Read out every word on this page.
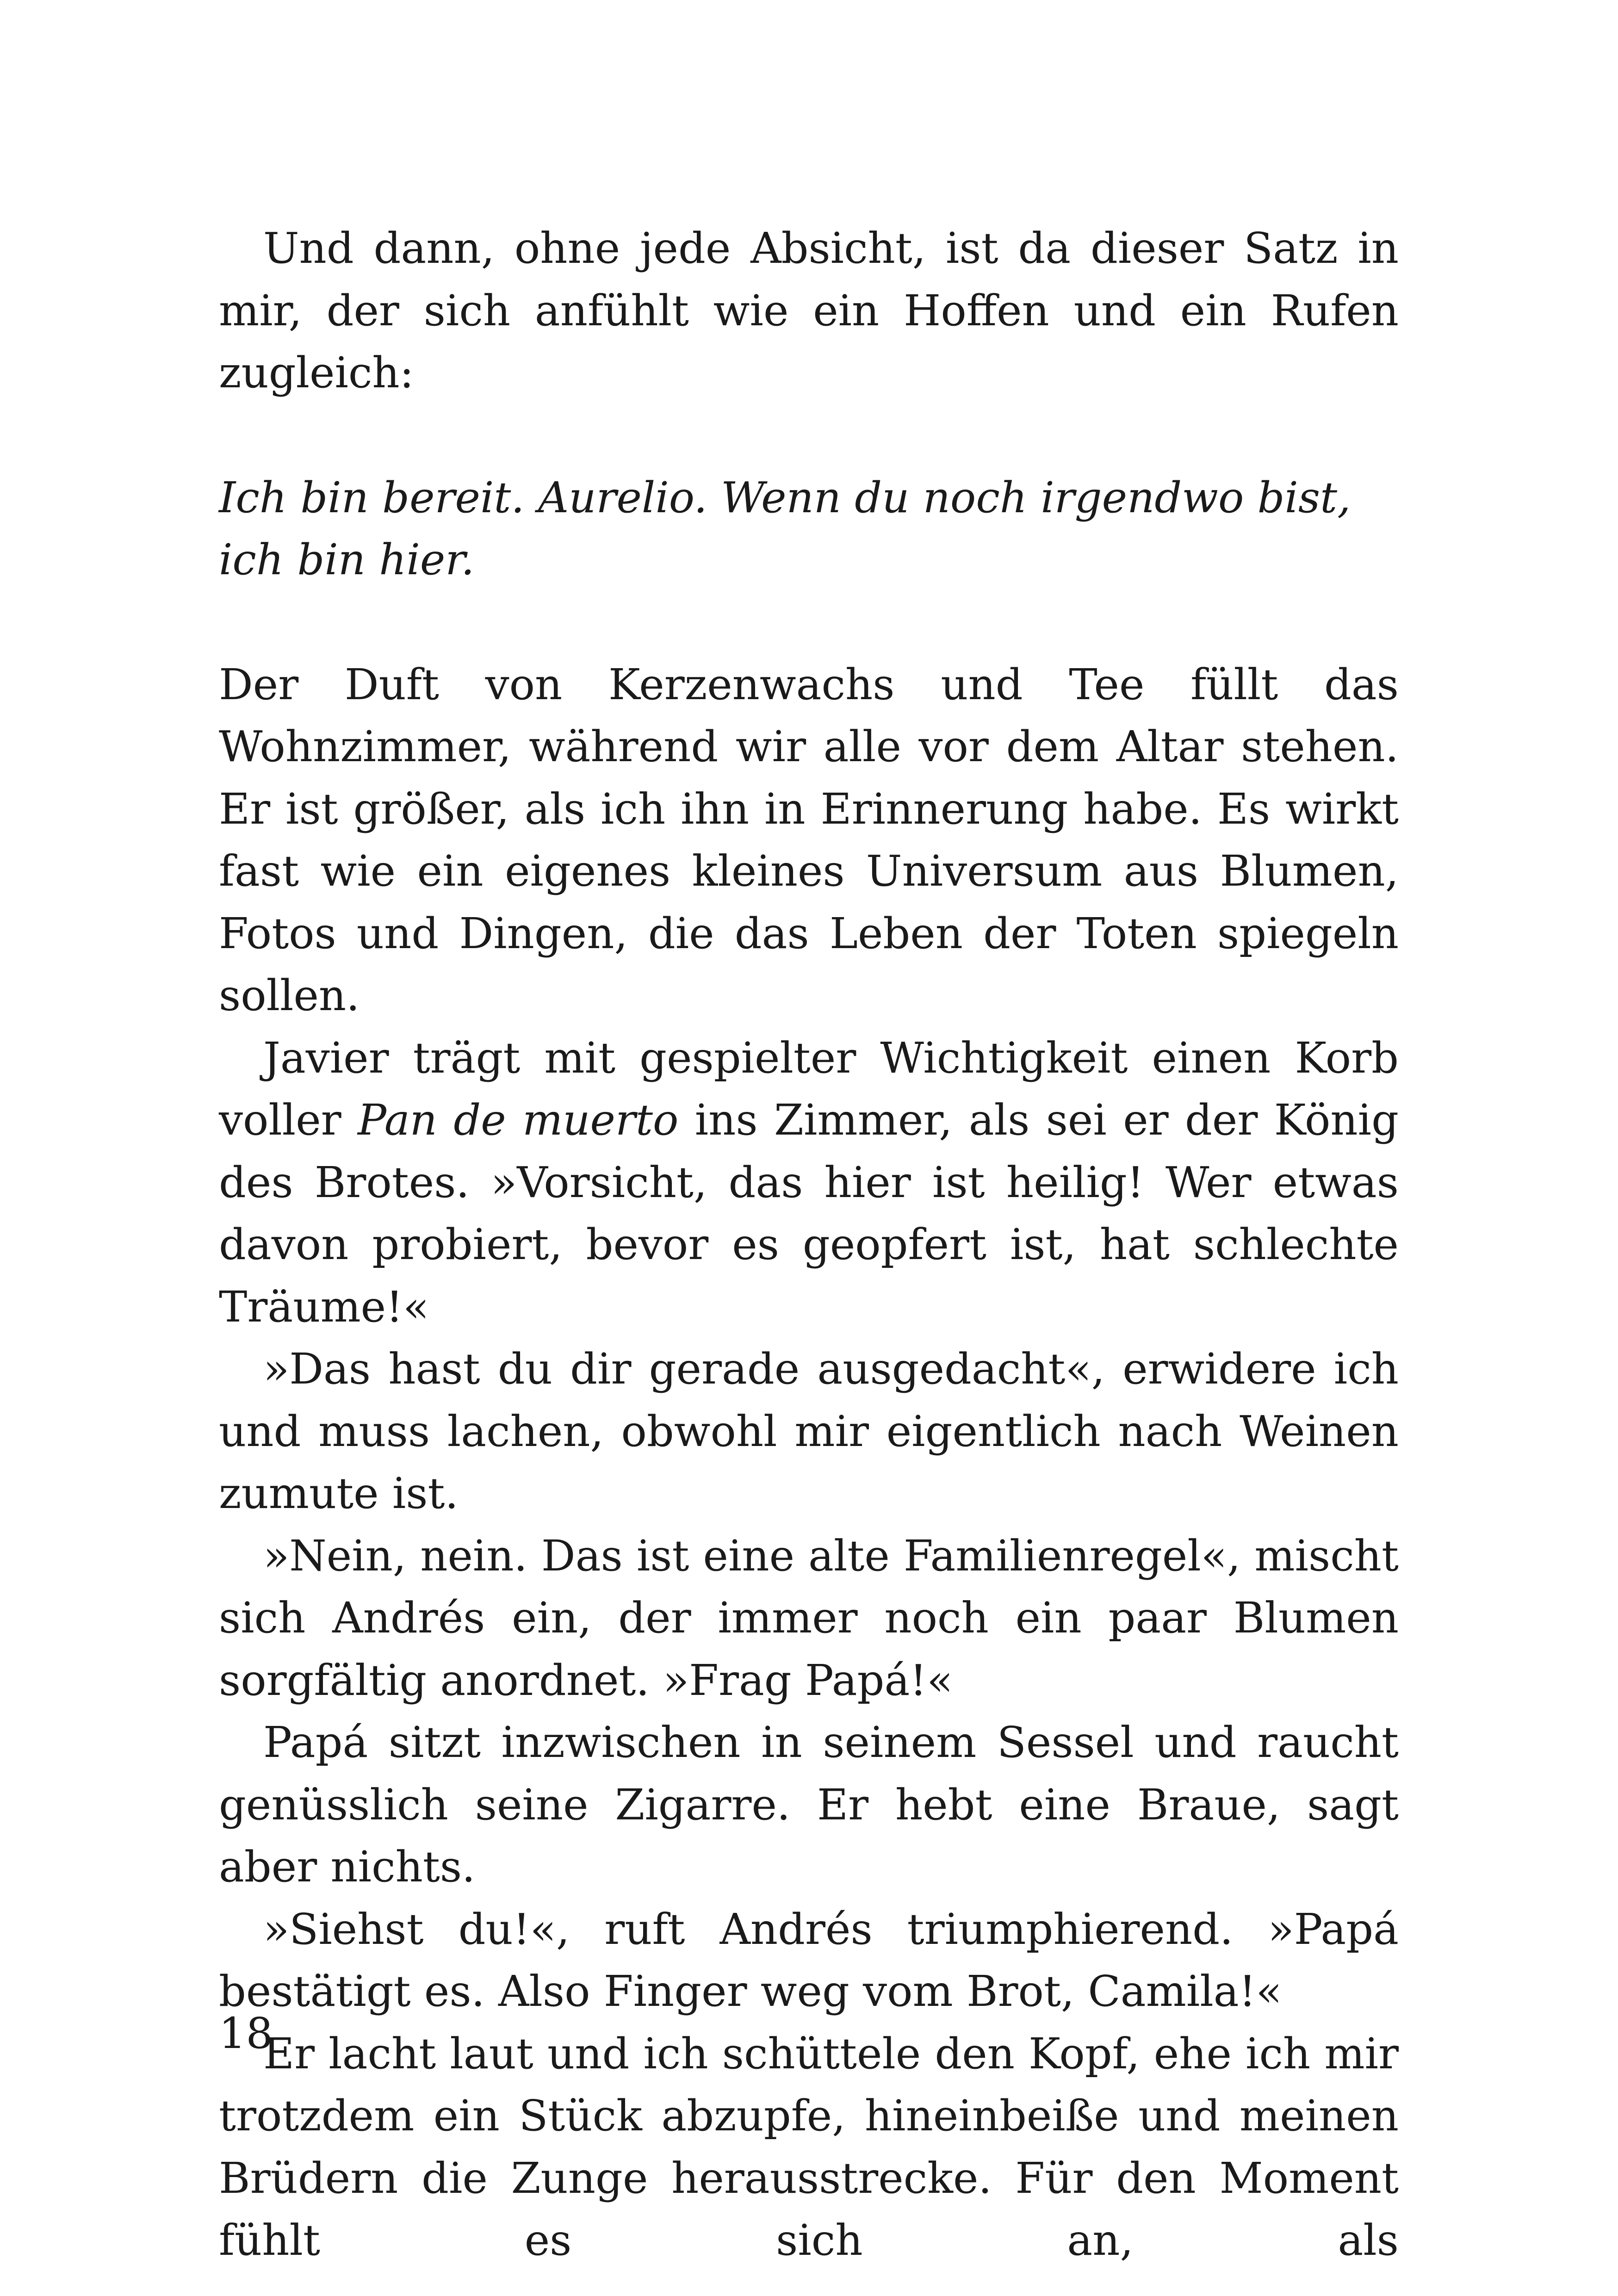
Und dann, ohne jede Absicht, ist da dieser Satz in mir, der sich anfühlt wie ein Hoffen und ein Rufen zugleich:

Ich bin bereit. Aurelio. Wenn du noch irgendwo bist, ich bin hier.

Der Duft von Kerzenwachs und Tee füllt das Wohnzimmer, während wir alle vor dem Altar stehen. Er ist größer, als ich ihn in Erinnerung habe. Es wirkt fast wie ein eigenes kleines Universum aus Blumen, Fotos und Dingen, die das Leben der Toten spiegeln sollen.

Javier trägt mit gespielter Wichtigkeit einen Korb voller Pan de muerto ins Zimmer, als sei er der König des Brotes. »Vorsicht, das hier ist heilig! Wer etwas davon probiert, bevor es geopfert ist, hat schlechte Träume!«

»Das hast du dir gerade ausgedacht«, erwidere ich und muss lachen, obwohl mir eigentlich nach Weinen zumute ist.

»Nein, nein. Das ist eine alte Familienregel«, mischt sich Andrés ein, der immer noch ein paar Blumen sorgfältig anordnet. »Frag Papá!«

Papá sitzt inzwischen in seinem Sessel und raucht genüsslich seine Zigarre. Er hebt eine Braue, sagt aber nichts.

»Siehst du!«, ruft Andrés triumphierend. »Papá bestätigt es. Also Finger weg vom Brot, Camila!«

Er lacht laut und ich schüttele den Kopf, ehe ich mir trotzdem ein Stück abzupfe, hineinbeiße und meinen Brüdern die Zunge herausstrecke. Für den Moment fühlt es sich an, als

18
